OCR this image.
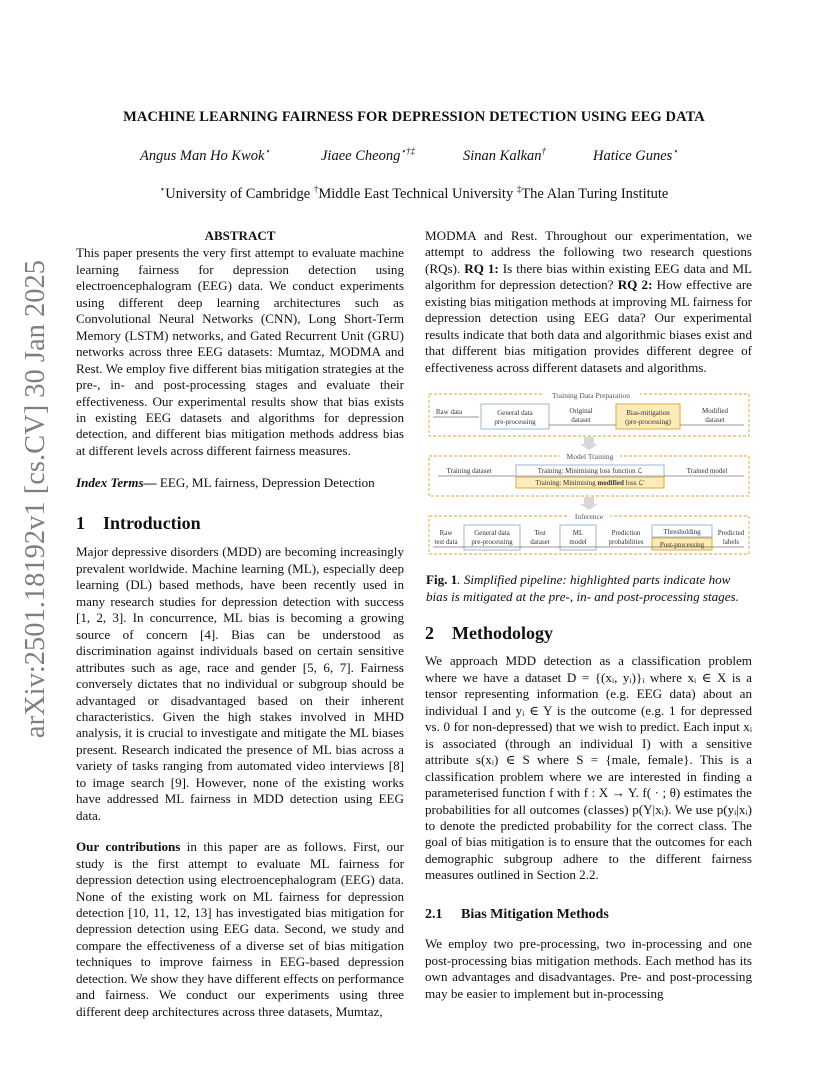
arXiv:2501.18192v1 [cs.CV] 30 Jan 2025
MACHINE LEARNING FAIRNESS FOR DEPRESSION DETECTION USING EEG DATA
Angus Man Ho Kwok⋆	Jiaee Cheong⋆†‡	Sinan Kalkan†	Hatice Gunes⋆
⋆University of Cambridge †Middle East Technical University ‡The Alan Turing Institute
ABSTRACT

This paper presents the very first attempt to evaluate machine learning fairness for depression detection using electroencephalogram (EEG) data. We conduct experiments using different deep learning architectures such as Convolutional Neural Networks (CNN), Long Short-Term Memory (LSTM) networks, and Gated Recurrent Unit (GRU) networks across three EEG datasets: Mumtaz, MODMA and Rest. We employ five different bias mitigation strategies at the pre-, in- and post-processing stages and evaluate their effectiveness. Our experimental results show that bias exists in existing EEG datasets and algorithms for depression detection, and different bias mitigation methods address bias at different levels across different fairness measures.

Index Terms— EEG, ML fairness, Depression Detection

1 Introduction

Major depressive disorders (MDD) are becoming increasingly prevalent worldwide. Machine learning (ML), especially deep learning (DL) based methods, have been recently used in many research studies for depression detection with success [1, 2, 3]. In concurrence, ML bias is becoming a growing source of concern [4]. Bias can be understood as discrimination against individuals based on certain sensitive attributes such as age, race and gender [5, 6, 7]. Fairness conversely dictates that no individual or subgroup should be advantaged or disadvantaged based on their inherent characteristics. Given the high stakes involved in MHD analysis, it is crucial to investigate and mitigate the ML biases present. Research indicated the presence of ML bias across a variety of tasks ranging from automated video interviews [8] to image search [9]. However, none of the existing works have addressed ML fairness in MDD detection using EEG data.

Our contributions in this paper are as follows. First, our study is the first attempt to evaluate ML fairness for depression detection using electroencephalogram (EEG) data. None of the existing work on ML fairness for depression detection [10, 11, 12, 13] has investigated bias mitigation for depression detection using EEG data. Second, we study and compare the effectiveness of a diverse set of bias mitigation techniques to improve fairness in EEG-based depression detection. We show they have different effects on performance and fairness. We conduct our experiments using three different deep architectures across three datasets, Mumtaz,

MODMA and Rest. Throughout our experimentation, we attempt to address the following two research questions (RQs). RQ 1: Is there bias within existing EEG data and ML algorithm for depression detection? RQ 2: How effective are existing bias mitigation methods at improving ML fairness for depression detection using EEG data? Our experimental results indicate that both data and algorithmic biases exist and that different bias mitigation provides different degree of effectiveness across different datasets and algorithms.

Training Data Preparation
Raw data	General data
pre-processing
Original
dataset
Bias-mitigation
(pre-processing)
Modified
dataset
Model Training
Training dataset	Training: Minimising loss function ℒ
Training: Minimising modified loss ℒ'
Trained model
Inference
Raw
test data
General data
pre-processing
Test
dataset
ML
model
Prediction
probabilities
Thresholding
Post-processing
Predicted
labels
Fig. 1. Simplified pipeline: highlighted parts indicate how bias is mitigated at the pre-, in- and post-processing stages.
2 Methodology

We approach MDD detection as a classification problem where we have a dataset D = {(xᵢ, yᵢ)}ᵢ where xᵢ ∈ X is a tensor representing information (e.g. EEG data) about an individual I and yᵢ ∈ Y is the outcome (e.g. 1 for depressed vs. 0 for non-depressed) that we wish to predict. Each input xᵢ is associated (through an individual I) with a sensitive attribute s(xᵢ) ∈ S where S = {male, female}. This is a classification problem where we are interested in finding a parameterised function f with f : X → Y. f( · ; θ) estimates the probabilities for all outcomes (classes) p(Y|xᵢ). We use p(yᵢ|xᵢ) to denote the predicted probability for the correct class. The goal of bias mitigation is to ensure that the outcomes for each demographic subgroup adhere to the different fairness measures outlined in Section 2.2.

2.1 Bias Mitigation Methods

We employ two pre-processing, two in-processing and one post-processing bias mitigation methods. Each method has its own advantages and disadvantages. Pre- and post-processing may be easier to implement but in-processing
